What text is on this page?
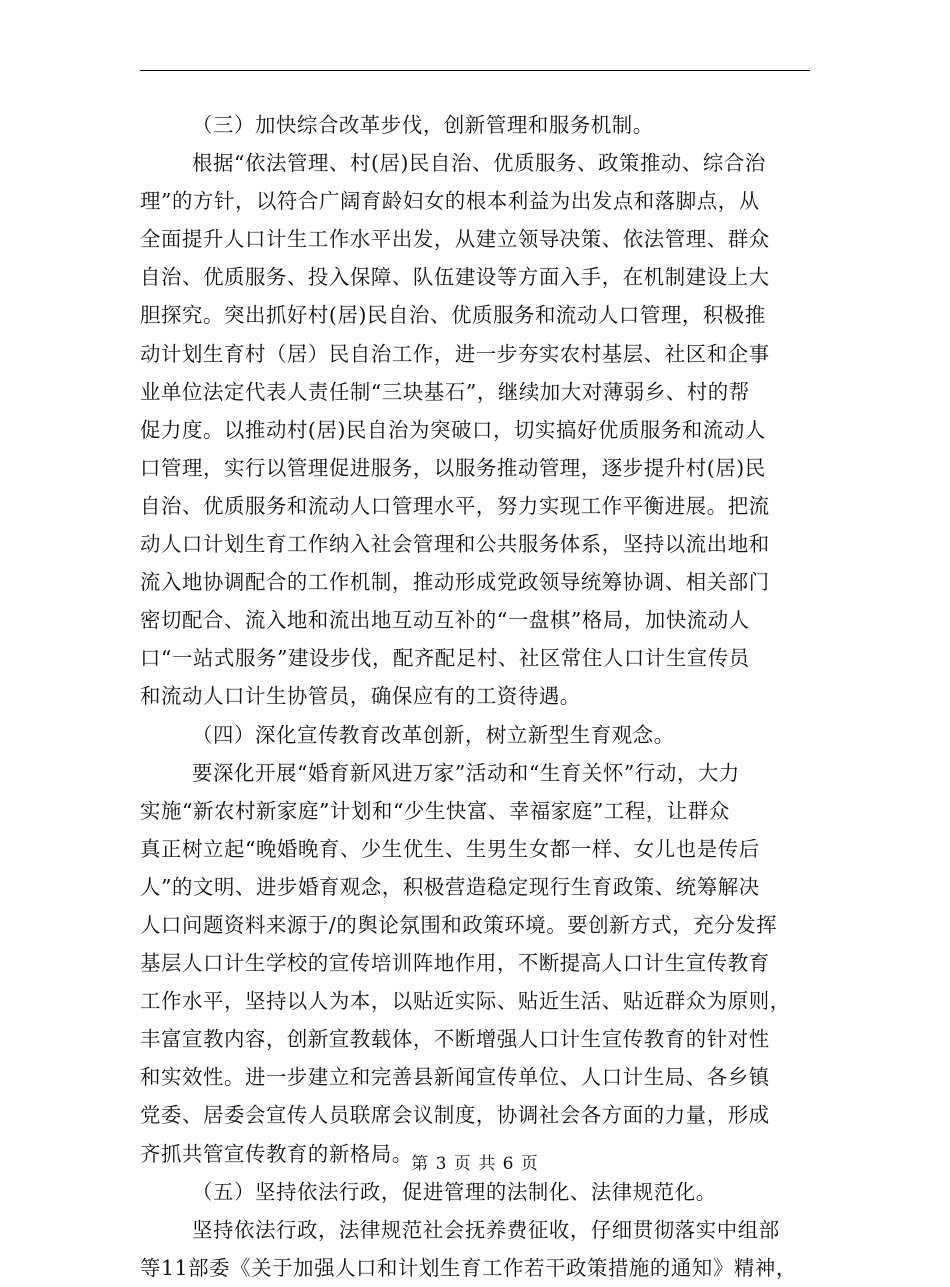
（三）加快综合改革步伐，创新管理和服务机制。
根据“依法管理、村(居)民自治、优质服务、政策推动、综合治
理”的方针，以符合广阔育龄妇女的根本利益为出发点和落脚点，从
全面提升人口计生工作水平出发，从建立领导决策、依法管理、群众
自治、优质服务、投入保障、队伍建设等方面入手，在机制建设上大
胆探究。突出抓好村(居)民自治、优质服务和流动人口管理，积极推
动计划生育村（居）民自治工作，进一步夯实农村基层、社区和企事
业单位法定代表人责任制“三块基石”，继续加大对薄弱乡、村的帮
促力度。以推动村(居)民自治为突破口，切实搞好优质服务和流动人
口管理，实行以管理促进服务，以服务推动管理，逐步提升村(居)民
自治、优质服务和流动人口管理水平，努力实现工作平衡进展。把流
动人口计划生育工作纳入社会管理和公共服务体系，坚持以流出地和
流入地协调配合的工作机制，推动形成党政领导统筹协调、相关部门
密切配合、流入地和流出地互动互补的“一盘棋”格局，加快流动人
口“一站式服务”建设步伐，配齐配足村、社区常住人口计生宣传员
和流动人口计生协管员，确保应有的工资待遇。
（四）深化宣传教育改革创新，树立新型生育观念。
要深化开展“婚育新风进万家”活动和“生育关怀”行动，大力
实施“新农村新家庭”计划和“少生快富、幸福家庭”工程，让群众
真正树立起“晚婚晚育、少生优生、生男生女都一样、女儿也是传后
人”的文明、进步婚育观念，积极营造稳定现行生育政策、统筹解决
人口问题资料来源于/的舆论氛围和政策环境。要创新方式，充分发挥
基层人口计生学校的宣传培训阵地作用，不断提高人口计生宣传教育
工作水平，坚持以人为本，以贴近实际、贴近生活、贴近群众为原则，
丰富宣教内容，创新宣教载体，不断增强人口计生宣传教育的针对性
和实效性。进一步建立和完善县新闻宣传单位、人口计生局、各乡镇
党委、居委会宣传人员联席会议制度，协调社会各方面的力量，形成
齐抓共管宣传教育的新格局。
（五）坚持依法行政，促进管理的法制化、法律规范化。
坚持依法行政，法律规范社会抚养费征收，仔细贯彻落实中组部
等11部委《关于加强人口和计划生育工作若干政策措施的通知》精神，
第 3 页 共 6 页
